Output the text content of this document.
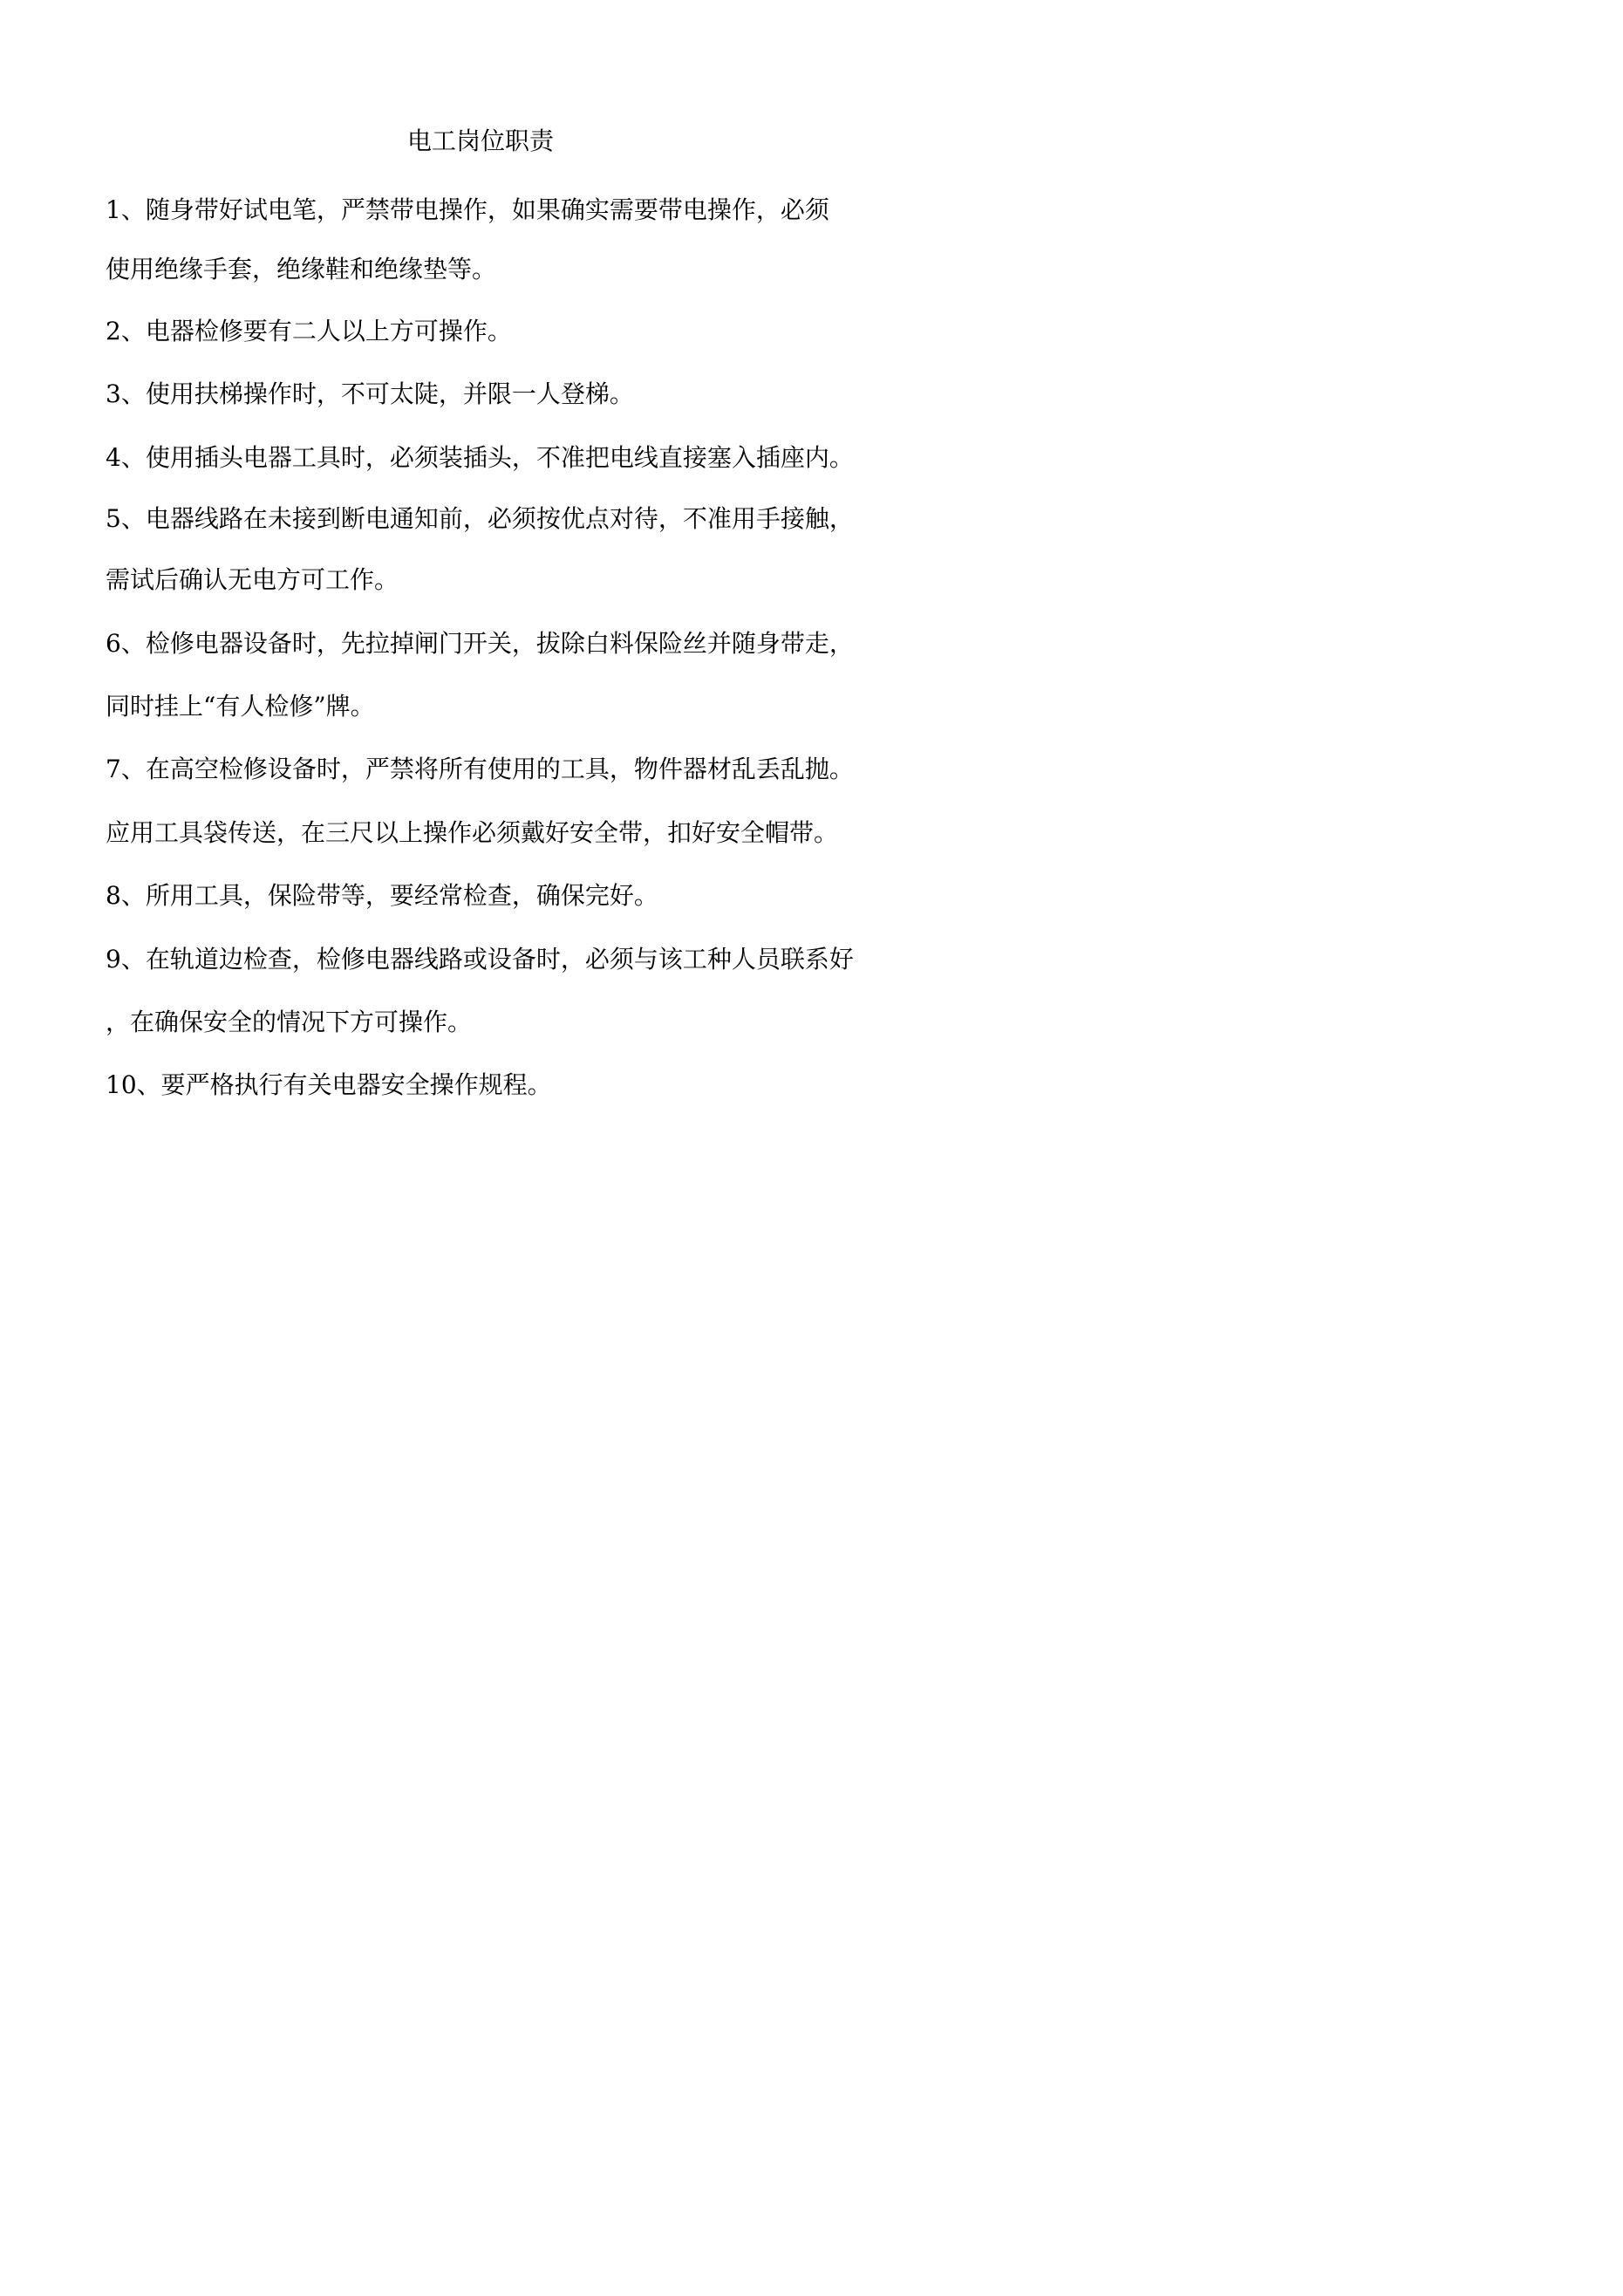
电工岗位职责

1、随身带好试电笔，严禁带电操作，如果确实需要带电操作，必须

使用绝缘手套，绝缘鞋和绝缘垫等。

2、电器检修要有二人以上方可操作。

3、使用扶梯操作时，不可太陡，并限一人登梯。

4、使用插头电器工具时，必须装插头，不准把电线直接塞入插座内。

5、电器线路在未接到断电通知前，必须按优点对待，不准用手接触，

需试后确认无电方可工作。

6、检修电器设备时，先拉掉闸门开关，拔除白料保险丝并随身带走，

同时挂上“有人检修”牌。

7、在高空检修设备时，严禁将所有使用的工具，物件器材乱丢乱抛。

应用工具袋传送，在三尺以上操作必须戴好安全带，扣好安全帽带。

8、所用工具，保险带等，要经常检查，确保完好。

9、在轨道边检查，检修电器线路或设备时，必须与该工种人员联系好

，在确保安全的情况下方可操作。

10、要严格执行有关电器安全操作规程。
